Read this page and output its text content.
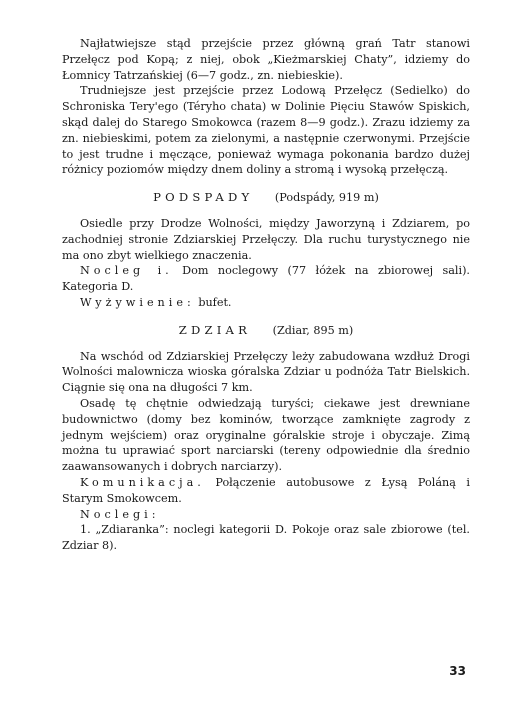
Najłatwiejsze stąd przejście przez główną grań Tatr stanowi Przełęcz pod Kopą; z niej, obok „Kieżmarskiej Chaty”, idziemy do Łomnicy Tatrzańskiej (6—7 godz., zn. niebieskie).

Trudniejsze jest przejście przez Lodową Przełęcz (Sedielko) do Schroniska Tery'ego (Téryho chata) w Dolinie Pięciu Stawów Spiskich, skąd dalej do Starego Smokowca (razem 8—9 godz.). Zrazu idziemy za zn. niebieskimi, potem za zielonymi, a następnie czerwonymi. Przejście to jest trudne i męczące, ponieważ wymaga pokonania bardzo dużej różnicy poziomów między dnem doliny a stromą i wysoką przełęczą.

PODSPADY (Podspády, 919 m)

Osiedle przy Drodze Wolności, między Jaworzyną i Zdziarem, po zachodniej stronie Zdziarskiej Przełęczy. Dla ruchu turystycznego nie ma ono zbyt wielkiego znaczenia.

Nocleg i. Dom noclegowy (77 łóżek na zbiorowej sali). Kategoria D.

Wyżywienie: bufet.

ZDZIAR (Zdiar, 895 m)

Na wschód od Zdziarskiej Przełęczy leży zabudowana wzdłuż Drogi Wolności malownicza wioska góralska Zdziar u podnóża Tatr Bielskich. Ciągnie się ona na długości 7 km.

Osadę tę chętnie odwiedzają turyści; ciekawe jest drewniane budownictwo (domy bez kominów, tworzące zamknięte zagrody z jednym wejściem) oraz oryginalne góralskie stroje i obyczaje. Zimą można tu uprawiać sport narciarski (tereny odpowiednie dla średnio zaawansowanych i dobrych narciarzy).

Komunikacja. Połączenie autobusowe z Łysą Poláną i Starym Smokowcem.

Noclegi:

1. „Zdiaranka”: noclegi kategorii D. Pokoje oraz sale zbiorowe (tel. Zdziar 8).

33
